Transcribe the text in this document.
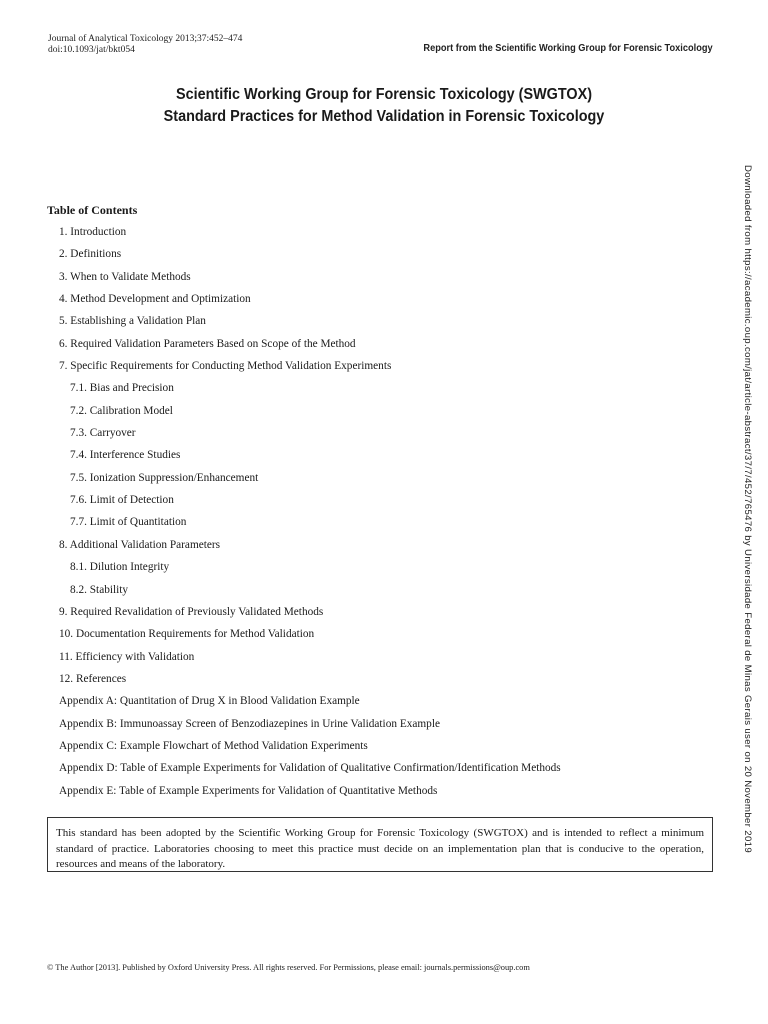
Journal of Analytical Toxicology 2013;37:452–474
doi:10.1093/jat/bkt054	Report from the Scientific Working Group for Forensic Toxicology
Scientific Working Group for Forensic Toxicology (SWGTOX)
Standard Practices for Method Validation in Forensic Toxicology
Table of Contents
1. Introduction
2. Definitions
3. When to Validate Methods
4. Method Development and Optimization
5. Establishing a Validation Plan
6. Required Validation Parameters Based on Scope of the Method
7. Specific Requirements for Conducting Method Validation Experiments
7.1. Bias and Precision
7.2. Calibration Model
7.3. Carryover
7.4. Interference Studies
7.5. Ionization Suppression/Enhancement
7.6. Limit of Detection
7.7. Limit of Quantitation
8. Additional Validation Parameters
8.1. Dilution Integrity
8.2. Stability
9. Required Revalidation of Previously Validated Methods
10. Documentation Requirements for Method Validation
11. Efficiency with Validation
12. References
Appendix A: Quantitation of Drug X in Blood Validation Example
Appendix B: Immunoassay Screen of Benzodiazepines in Urine Validation Example
Appendix C: Example Flowchart of Method Validation Experiments
Appendix D: Table of Example Experiments for Validation of Qualitative Confirmation/Identification Methods
Appendix E: Table of Example Experiments for Validation of Quantitative Methods
This standard has been adopted by the Scientific Working Group for Forensic Toxicology (SWGTOX) and is intended to reflect a minimum standard of practice. Laboratories choosing to meet this practice must decide on an implementation plan that is conducive to the operation, resources and means of the laboratory.
© The Author [2013]. Published by Oxford University Press. All rights reserved. For Permissions, please email: journals.permissions@oup.com
Downloaded from https://academic.oup.com/jat/article-abstract/37/7/452/765476 by Universidade Federal de Minas Gerais user on 20 November 2019
